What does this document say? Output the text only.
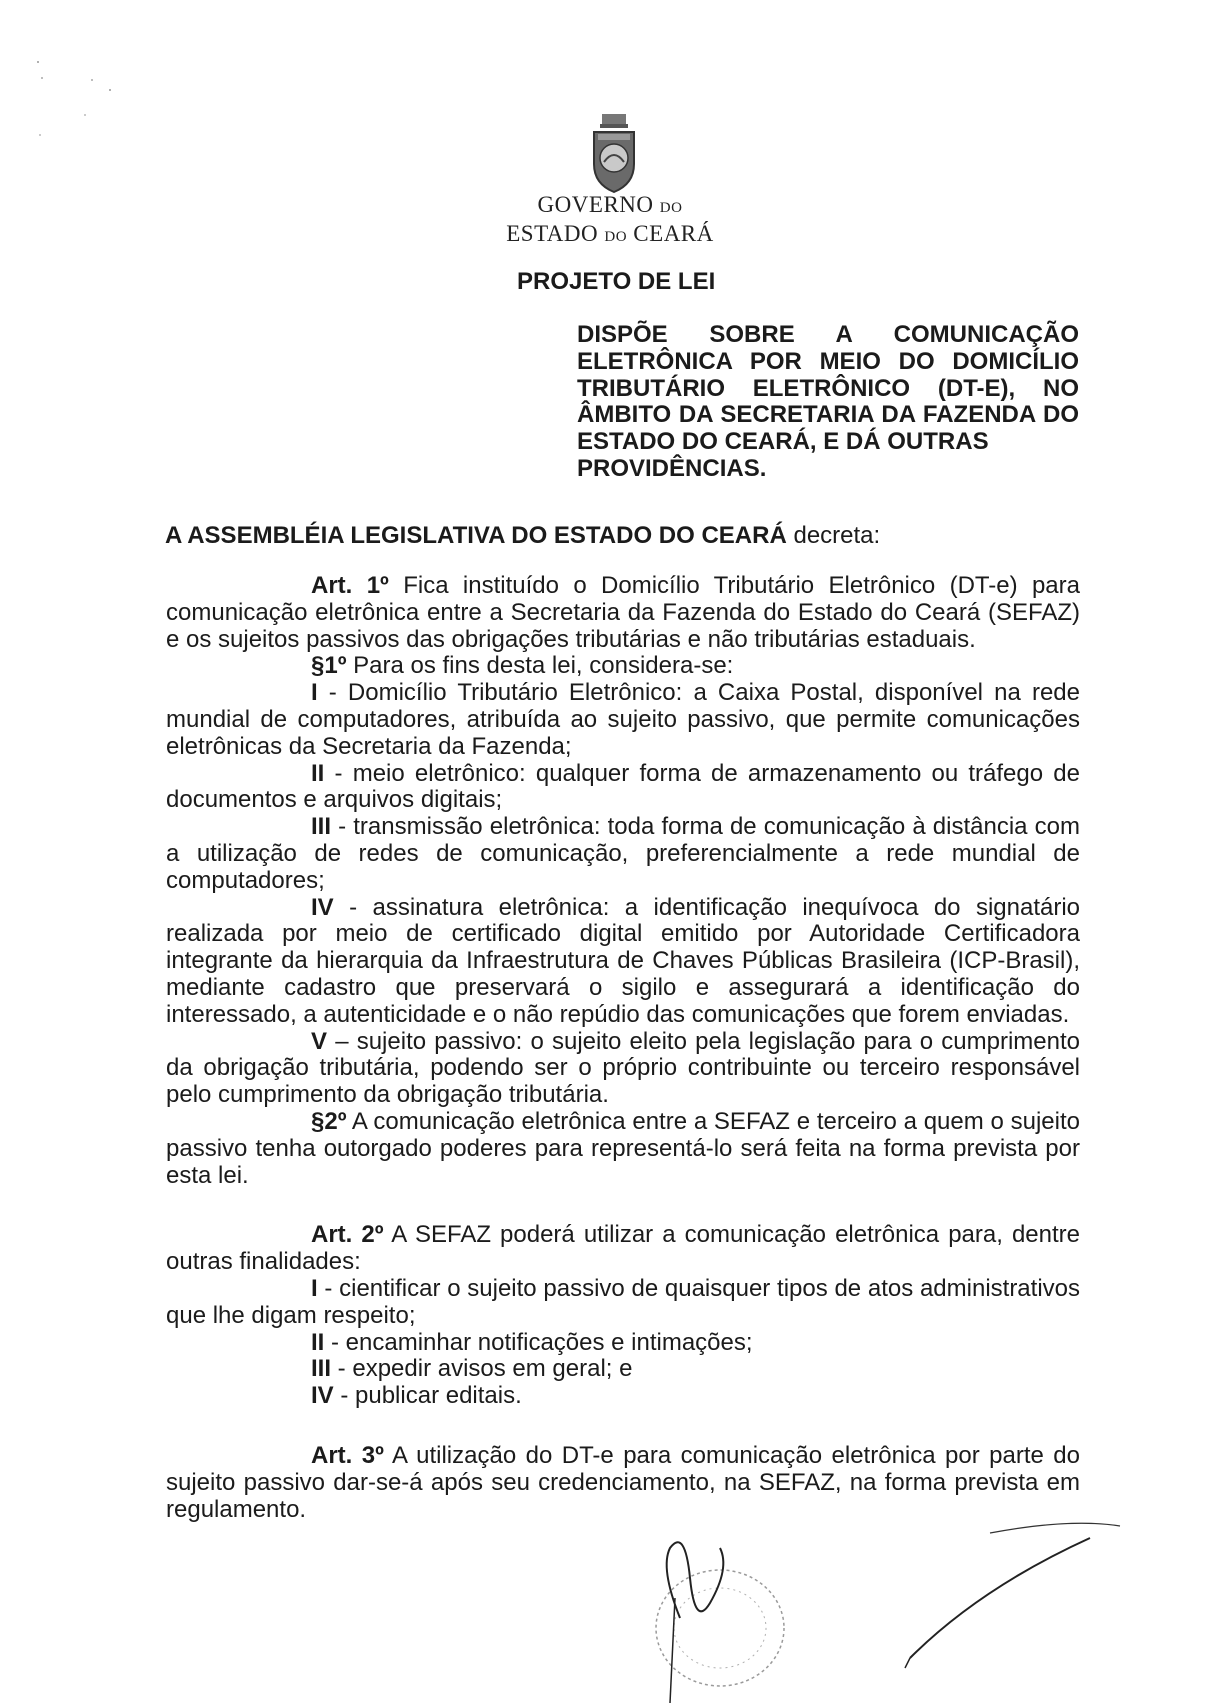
GOVERNO DO
ESTADO DO CEARÁ
PROJETO DE LEI
DISPÕE SOBRE A COMUNICAÇÃO ELETRÔNICA POR MEIO DO DOMICÍLIO TRIBUTÁRIO ELETRÔNICO (DT-E), NO ÂMBITO DA SECRETARIA DA FAZENDA DO ESTADO DO CEARÁ, E DÁ OUTRAS
PROVIDÊNCIAS.
A ASSEMBLÉIA LEGISLATIVA DO ESTADO DO CEARÁ decreta:

Art. 1º Fica instituído o Domicílio Tributário Eletrônico (DT-e) para comunicação eletrônica entre a Secretaria da Fazenda do Estado do Ceará (SEFAZ) e os sujeitos passivos das obrigações tributárias e não tributárias estaduais.

§1º Para os fins desta lei, considera-se:

I - Domicílio Tributário Eletrônico: a Caixa Postal, disponível na rede mundial de computadores, atribuída ao sujeito passivo, que permite comunicações eletrônicas da Secretaria da Fazenda;

II - meio eletrônico: qualquer forma de armazenamento ou tráfego de documentos e arquivos digitais;

III - transmissão eletrônica: toda forma de comunicação à distância com a utilização de redes de comunicação, preferencialmente a rede mundial de computadores;

IV - assinatura eletrônica: a identificação inequívoca do signatário realizada por meio de certificado digital emitido por Autoridade Certificadora integrante da hierarquia da Infraestrutura de Chaves Públicas Brasileira (ICP-Brasil), mediante cadastro que preservará o sigilo e assegurará a identificação do interessado, a autenticidade e o não repúdio das comunicações que forem enviadas.

V – sujeito passivo: o sujeito eleito pela legislação para o cumprimento da obrigação tributária, podendo ser o próprio contribuinte ou terceiro responsável pelo cumprimento da obrigação tributária.

§2º A comunicação eletrônica entre a SEFAZ e terceiro a quem o sujeito passivo tenha outorgado poderes para representá-lo será feita na forma prevista por esta lei.

Art. 2º A SEFAZ poderá utilizar a comunicação eletrônica para, dentre outras finalidades:

I - cientificar o sujeito passivo de quaisquer tipos de atos administrativos que lhe digam respeito;

II - encaminhar notificações e intimações;

III - expedir avisos em geral; e

IV - publicar editais.

Art. 3º A utilização do DT-e para comunicação eletrônica por parte do sujeito passivo dar-se-á após seu credenciamento, na SEFAZ, na forma prevista em regulamento.
